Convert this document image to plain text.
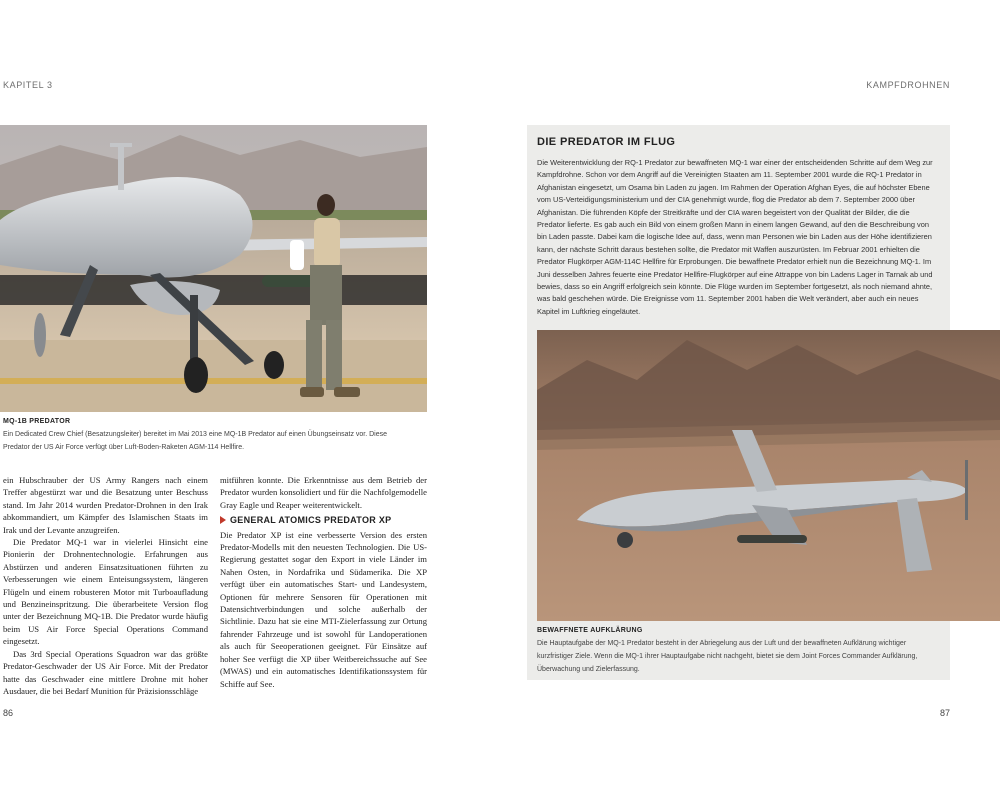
KAPITEL 3	KAMPFDROHNEN
MQ-1B PREDATOR
Ein Dedicated Crew Chief (Besatzungsleiter) bereitet im Mai 2013 eine MQ-1B Predator auf einen Übungseinsatz vor. Diese Predator der US Air Force verfügt über Luft-Boden-Raketen AGM-114 Hellfire.

ein Hubschrauber der US Army Rangers nach einem Treffer abgestürzt war und die Besatzung unter Beschuss stand. Im Jahr 2014 wurden Predator-Drohnen in den Irak abkommandiert, um Kämpfer des Islamischen Staats im Irak und der Levante anzugreifen.

Die Predator MQ-1 war in vielerlei Hinsicht eine Pionierin der Drohnentechnologie. Erfahrungen aus Abstürzen und anderen Einsatzsituationen führten zu Verbesserungen wie einem Enteisungssystem, längeren Flügeln und einem robusteren Motor mit Turboaufladung und Benzineinspritzung. Die überarbeitete Version flog unter der Bezeichnung MQ-1B. Die Predator wurde häufig beim US Air Force Special Operations Command eingesetzt.

Das 3rd Special Operations Squadron war das größte Predator-Geschwader der US Air Force. Mit der Predator hatte das Geschwader eine mittlere Drohne mit hoher Ausdauer, die bei Bedarf Munition für Präzisionsschläge

mitführen konnte. Die Erkenntnisse aus dem Betrieb der Predator wurden konsolidiert und für die Nachfolgemodelle Gray Eagle und Reaper weiterentwickelt.

GENERAL ATOMICS PREDATOR XP

Die Predator XP ist eine verbesserte Version des ersten Predator-Modells mit den neuesten Technologien. Die US-Regierung gestattet sogar den Export in viele Länder im Nahen Osten, in Nordafrika und Südamerika. Die XP verfügt über ein automatisches Start- und Landesystem, Optionen für mehrere Sensoren für Operationen mit Datensichtverbindungen und solche außerhalb der Sichtlinie. Dazu hat sie eine MTI-Zielerfassung zur Ortung fahrender Fahrzeuge und ist sowohl für Landoperationen als auch für Seeoperationen geeignet. Für Einsätze auf hoher See verfügt die XP über Weitbereichssuche auf See (MWAS) und ein automatisches Identifikationssystem für Schiffe auf See.

DIE PREDATOR IM FLUG
Die Weiterentwicklung der RQ-1 Predator zur bewaffneten MQ-1 war einer der entscheidenden Schritte auf dem Weg zur Kampfdrohne. Schon vor dem Angriff auf die Vereinigten Staaten am 11. September 2001 wurde die RQ-1 Predator in Afghanistan eingesetzt, um Osama bin Laden zu jagen. Im Rahmen der Operation Afghan Eyes, die auf höchster Ebene vom US-Verteidigungsministerium und der CIA genehmigt wurde, flog die Predator ab dem 7. September 2000 über Afghanistan. Die führenden Köpfe der Streitkräfte und der CIA waren begeistert von der Qualität der Bilder, die die Predator lieferte. Es gab auch ein Bild von einem großen Mann in einem langen Gewand, auf den die Beschreibung von bin Laden passte. Dabei kam die logische Idee auf, dass, wenn man Personen wie bin Laden aus der Höhe identifizieren kann, der nächste Schritt daraus bestehen sollte, die Predator mit Waffen auszurüsten. Im Februar 2001 erhielten die Predator Flugkörper AGM-114C Hellfire für Erprobungen. Die bewaffnete Predator erhielt nun die Bezeichnung MQ-1. Im Juni desselben Jahres feuerte eine Predator Hellfire-Flugkörper auf eine Attrappe von bin Ladens Lager in Tarnak ab und bewies, dass so ein Angriff erfolgreich sein könnte. Die Flüge wurden im September fortgesetzt, als noch niemand ahnte, was bald geschehen würde. Die Ereignisse vom 11. September 2001 haben die Welt verändert, aber auch ein neues Kapitel im Luftkrieg eingeläutet.
BEWAFFNETE AUFKLÄRUNG
Die Hauptaufgabe der MQ-1 Predator besteht in der Abriegelung aus der Luft und der bewaffneten Aufklärung wichtiger kurzfristiger Ziele. Wenn die MQ-1 ihrer Hauptaufgabe nicht nachgeht, bietet sie dem Joint Forces Commander Aufklärung, Überwachung und Zielerfassung.
86	87
